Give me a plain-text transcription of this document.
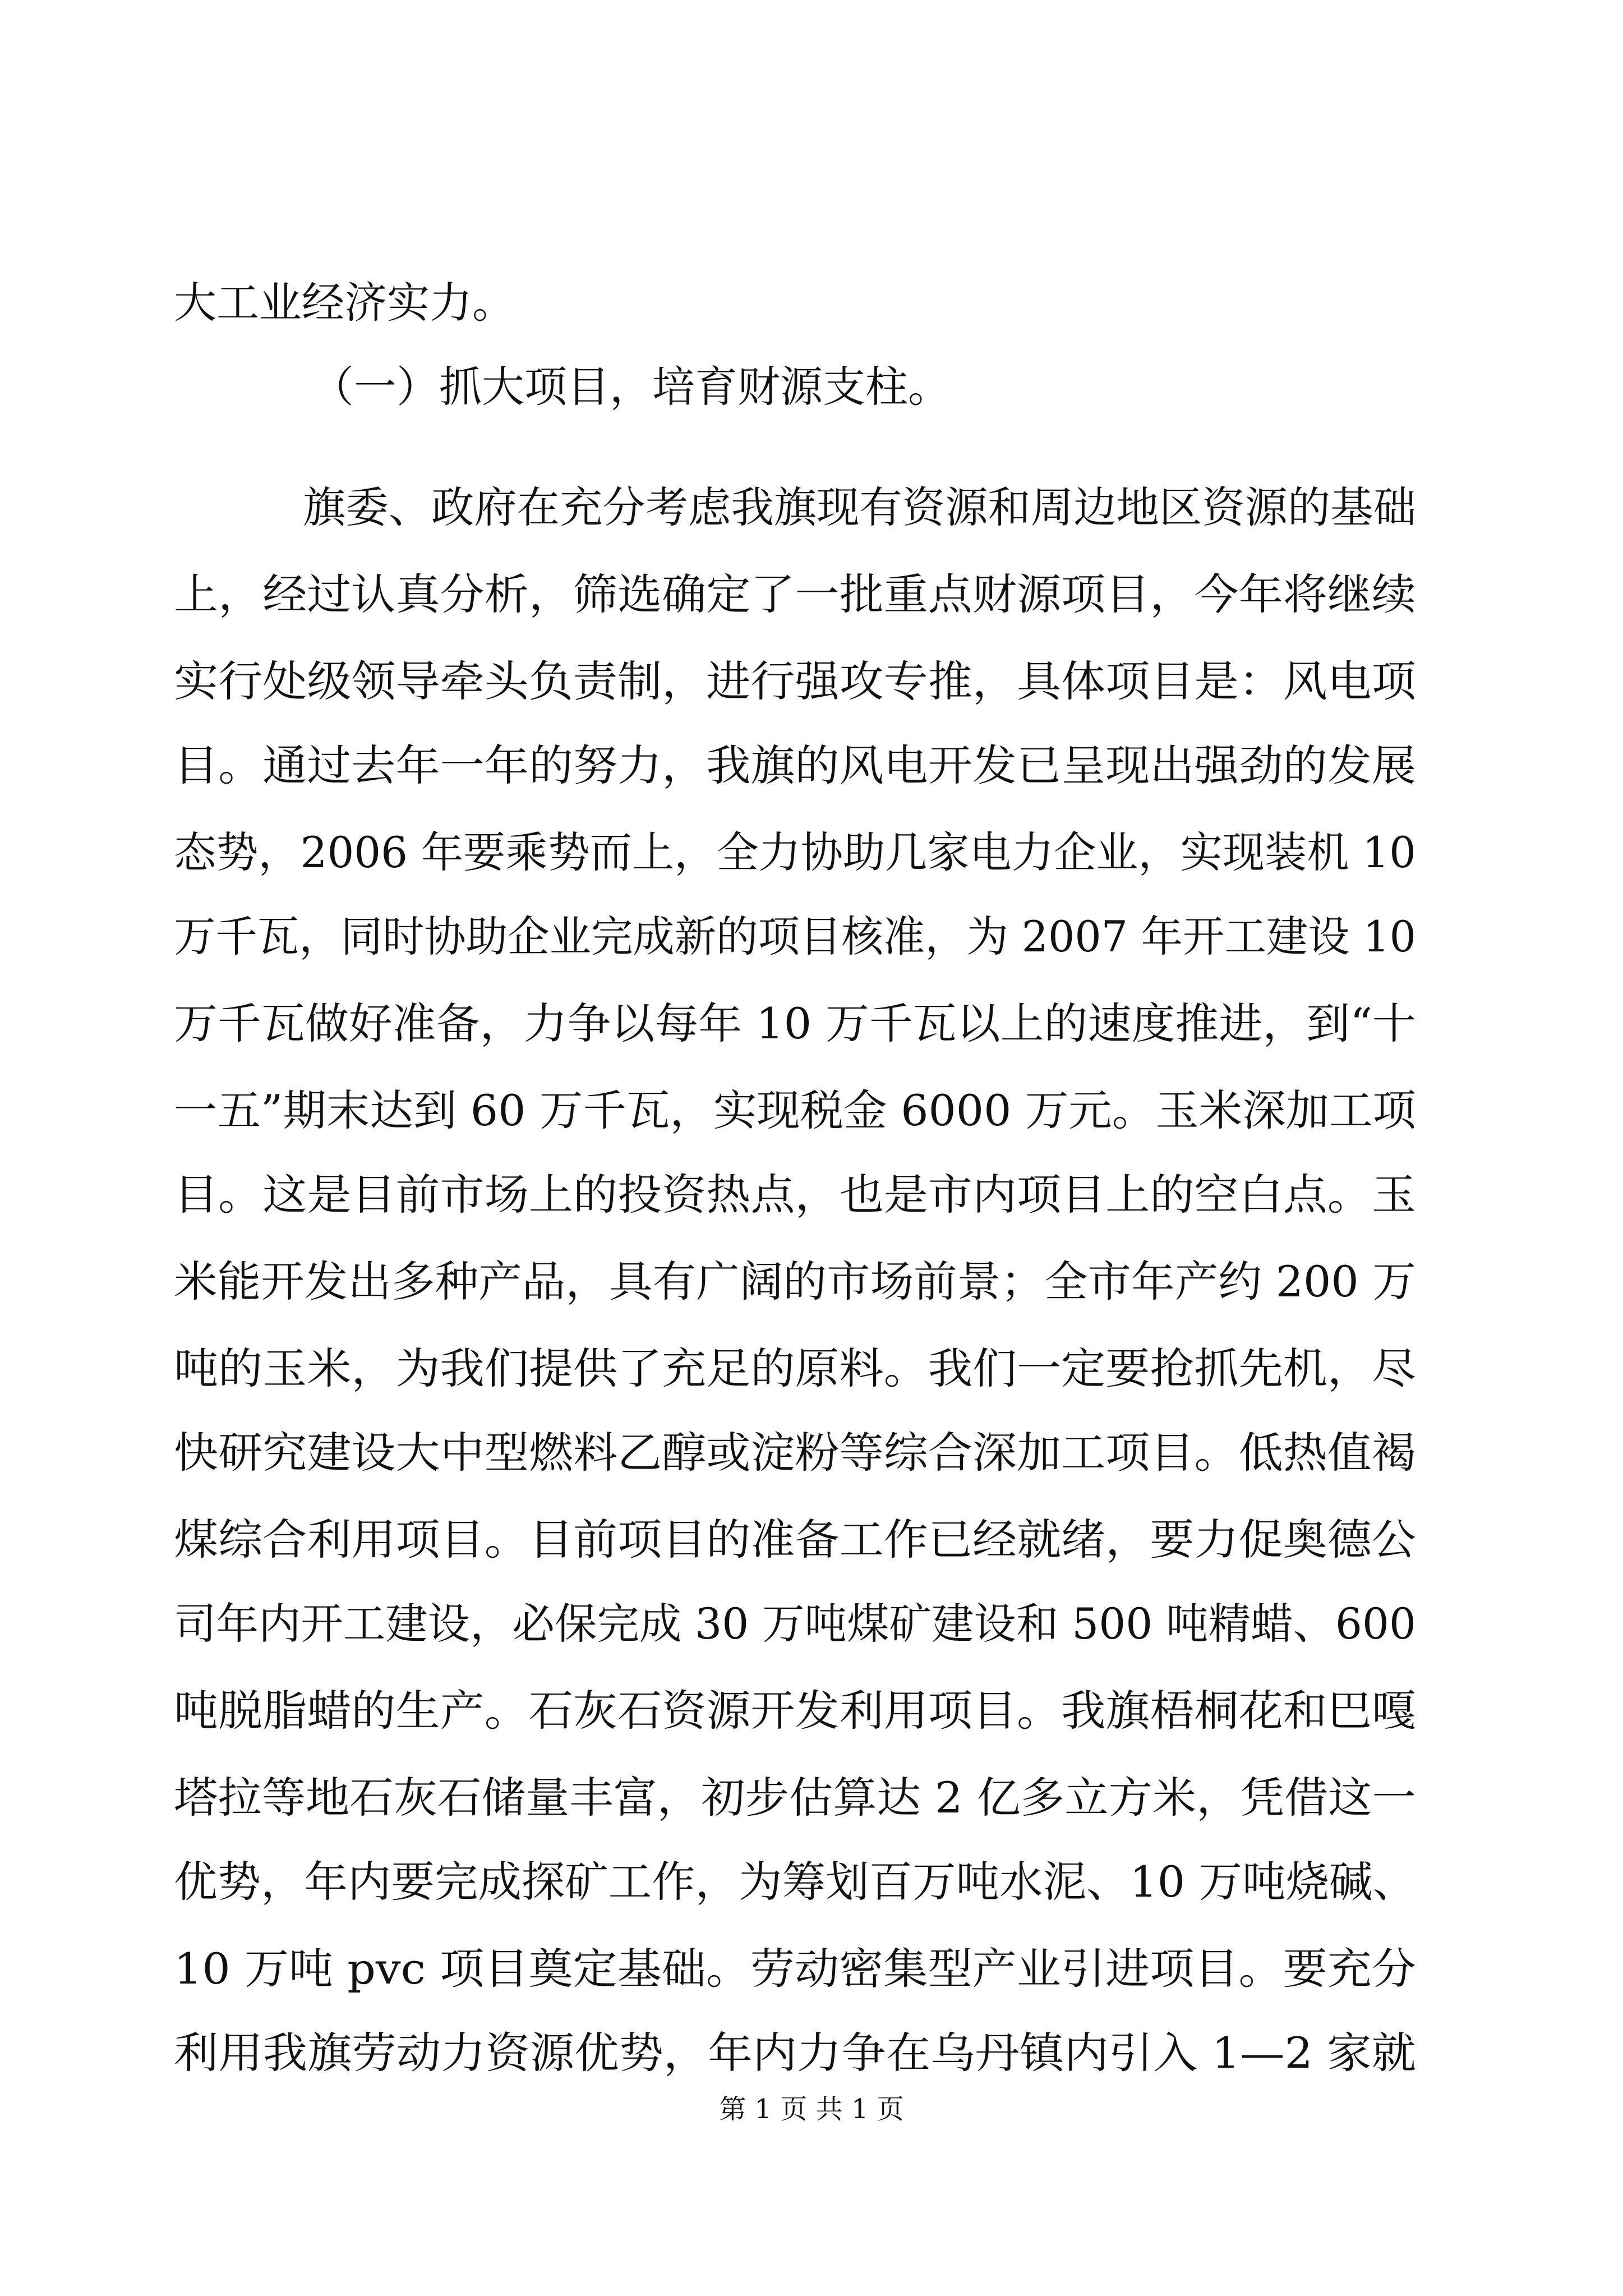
大工业经济实力。
（一）抓大项目，培育财源支柱。
旗委、政府在充分考虑我旗现有资源和周边地区资源的基础
上，经过认真分析，筛选确定了一批重点财源项目，今年将继续
实行处级领导牵头负责制，进行强攻专推，具体项目是：风电项
目。通过去年一年的努力，我旗的风电开发已呈现出强劲的发展
态势，2006 年要乘势而上，全力协助几家电力企业，实现装机 10
万千瓦，同时协助企业完成新的项目核准，为 2007 年开工建设 10
万千瓦做好准备，力争以每年 10 万千瓦以上的速度推进，到“十
一五”期末达到 60 万千瓦，实现税金 6000 万元。玉米深加工项
目。这是目前市场上的投资热点，也是市内项目上的空白点。玉
米能开发出多种产品，具有广阔的市场前景；全市年产约 200 万
吨的玉米，为我们提供了充足的原料。我们一定要抢抓先机，尽
快研究建设大中型燃料乙醇或淀粉等综合深加工项目。低热值褐
煤综合利用项目。目前项目的准备工作已经就绪，要力促奥德公
司年内开工建设，必保完成 30 万吨煤矿建设和 500 吨精蜡、600
吨脱脂蜡的生产。石灰石资源开发利用项目。我旗梧桐花和巴嘎
塔拉等地石灰石储量丰富，初步估算达 2 亿多立方米，凭借这一
优势，年内要完成探矿工作，为筹划百万吨水泥、10 万吨烧碱、
10 万吨 pvc 项目奠定基础。劳动密集型产业引进项目。要充分
利用我旗劳动力资源优势，年内力争在乌丹镇内引入 1—2 家就
第 1 页 共 1 页
